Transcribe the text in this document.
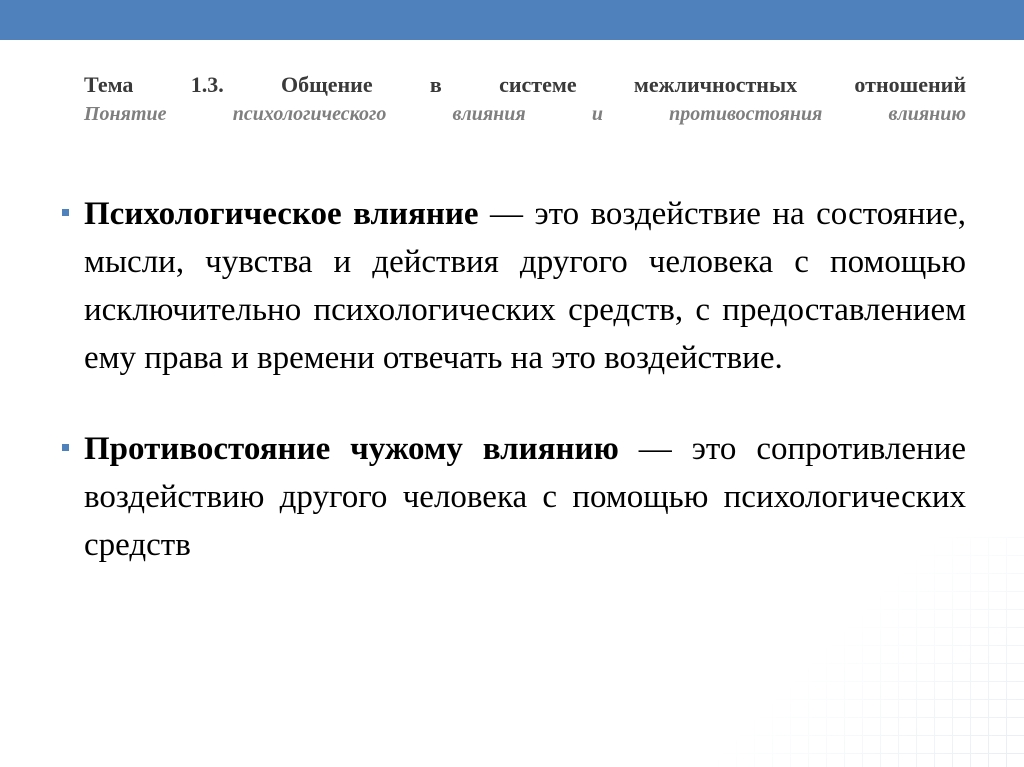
Тема 1.3. Общение в системе межличностных отношений
Понятие психологического влияния и противостояния влиянию
Психологическое влияние — это воздействие на состояние, мысли, чувства и действия другого человека с помощью исключительно психологических средств, с предоставлением ему права и времени отвечать на это воздействие.
Противостояние чужому влиянию — это сопротивление воздействию другого человека с помощью психологических средств
